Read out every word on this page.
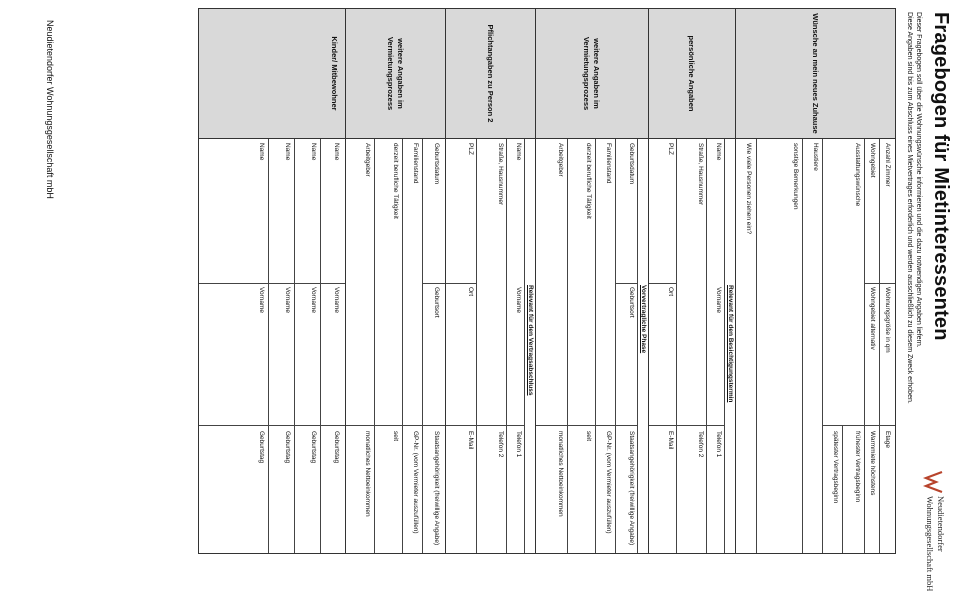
Fragebogen für Mietinteressenten
Dieser Fragebogen soll über die Wohnungswünsche informieren und die dazu notwendigen Angaben liefern.
Diese Angaben sind bis zum Abschluss eines Mietvertrages erforderlich und werden ausschließlich zu diesem Zweck erhoben.
Neudietendorfer
Wohnungsgesellschaft mbH
Wünsche an mein neues Zuhause
Anzahl Zimmer
Wohnungsgröße in qm
Etage
Wohngebiet
Wohngebiet alternativ
Warmmiete höchstens
Ausstattungswünsche
frühester Vertragsbeginn
spätester Vertragsbeginn
Haustiere
sonstige Bemerkungen
Wie viele Personen ziehen ein?
persönliche Angaben
Relevant für den Besichtigungstermin
Name
Vorname
Telefon 1
Straße, Hausnummer
Telefon 2
PLZ
Ort
E-Mail
weitere Angaben im Vermietungsprozess
Vorvertragliche Phase
Geburtsdatum
Geburtsort
Staatsangehörigkeit (freiwillige Angabe)
Familienstand
GP-Nr. (vom Vermieter auszufüllen)
derzeit berufliche Tätigkeit
seit
Arbeitgeber
monatliches Nettoeinkommen
Pflichtangaben zu Person 2
Relevant für den Vertragsabschluss
Name
Vorname
Telefon 1
Straße, Hausnummer
Telefon 2
PLZ
Ort
E-Mail
weitere Angaben im Vermietungsprozess
Geburtsdatum
Geburtsort
Staatsangehörigkeit (freiwillige Angabe)
Familienstand
GP-Nr. (vom Vermieter auszufüllen)
derzeit berufliche Tätigkeit
seit
Arbeitgeber
monatliches Nettoeinkommen
Kinder/ Mitbewohner
Name
Vorname
Geburtstag
Name
Vorname
Geburtstag
Name
Vorname
Geburtstag
Name
Vorname
Geburtstag
Neudietendorfer Wohnungsgesellschaft mbH
